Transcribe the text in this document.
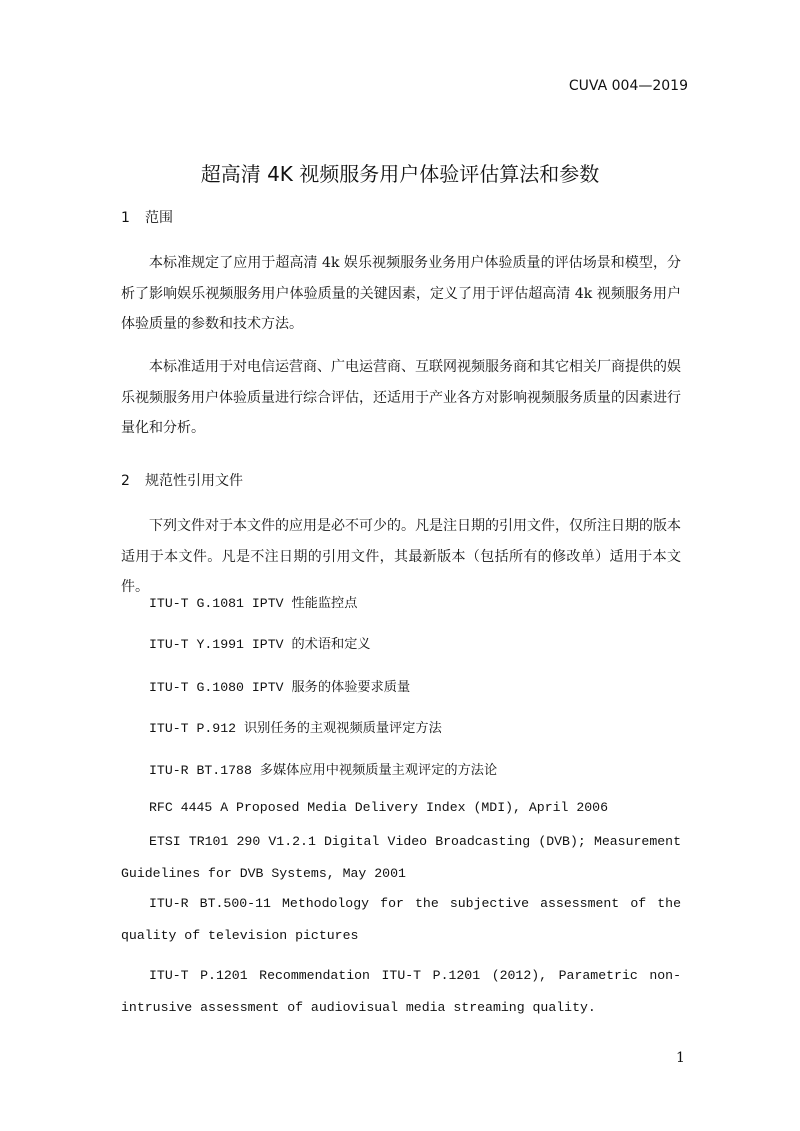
CUVA 004—2019
超高清 4K 视频服务用户体验评估算法和参数
1 范围
本标准规定了应用于超高清 4k 娱乐视频服务业务用户体验质量的评估场景和模型，分析了影响娱乐视频服务用户体验质量的关键因素，定义了用于评估超高清 4k 视频服务用户体验质量的参数和技术方法。
本标准适用于对电信运营商、广电运营商、互联网视频服务商和其它相关厂商提供的娱乐视频服务用户体验质量进行综合评估，还适用于产业各方对影响视频服务质量的因素进行量化和分析。
2 规范性引用文件
下列文件对于本文件的应用是必不可少的。凡是注日期的引用文件，仅所注日期的版本适用于本文件。凡是不注日期的引用文件，其最新版本（包括所有的修改单）适用于本文件。
ITU-T G.1081 IPTV 性能监控点
ITU-T Y.1991 IPTV 的术语和定义
ITU-T G.1080 IPTV 服务的体验要求质量
ITU-T P.912 识别任务的主观视频质量评定方法
ITU-R BT.1788 多媒体应用中视频质量主观评定的方法论
RFC 4445 A Proposed Media Delivery Index (MDI), April 2006
ETSI TR101 290 V1.2.1 Digital Video Broadcasting (DVB); Measurement Guidelines for DVB Systems, May 2001
ITU-R BT.500-11 Methodology for the subjective assessment of the quality of television pictures
ITU-T P.1201 Recommendation ITU-T P.1201 (2012), Parametric non-intrusive assessment of audiovisual media streaming quality.
1
